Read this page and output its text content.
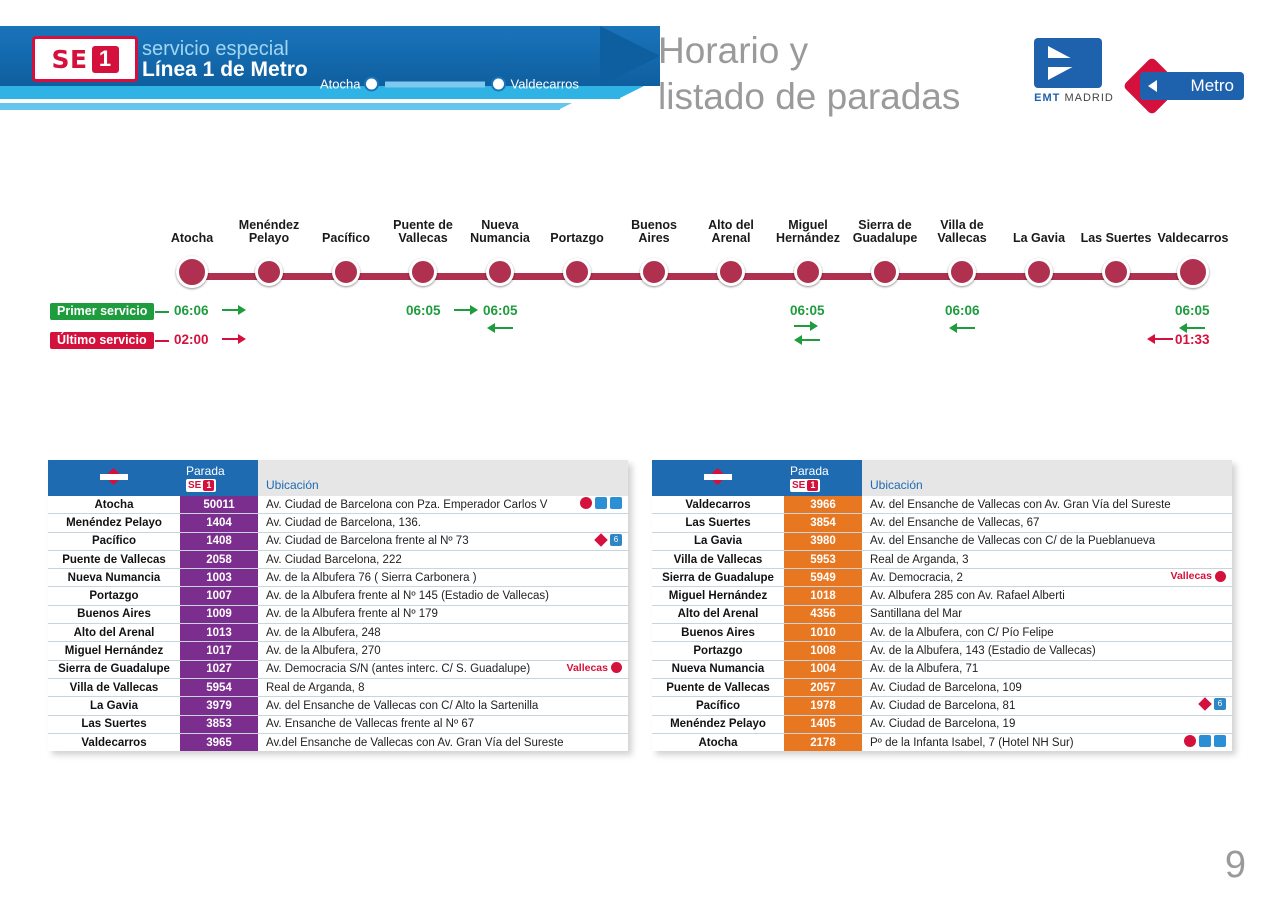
SE 1	servicio especial
Línea 1 de Metro
Atocha	Valdecarros
Horario y
listado de paradas	EMT MADRID
Metro
Atocha
Menéndez
Pelayo	Pacífico
Puente de
Vallecas
Nueva
Numancia Portazgo
Buenos
Aires
Alto del
Arenal
Miguel
Hernández
Sierra de
Guadalupe
Villa de
Vallecas La Gavia Las Suertes Valdecarros
Primer servicio
Último servicio
06:06	06:05	06:05	06:05	06:06	06:05
02:00	01:33

	Parada
SE 1	Ubicación
Atocha	50011	Av. Ciudad de Barcelona con Pza. Emperador Carlos V

Menéndez Pelayo	1404	Av. Ciudad de Barcelona, 136.
Pacífico	1408	Av. Ciudad de Barcelona frente al Nº 73 6

Puente de Vallecas	2058	Av. Ciudad Barcelona, 222
Nueva Numancia	1003	Av. de la Albufera 76 ( Sierra Carbonera )
Portazgo	1007	Av. de la Albufera frente al Nº 145 (Estadio de Vallecas)
Buenos Aires	1009	Av. de la Albufera frente al Nº 179
Alto del Arenal	1013	Av. de la Albufera, 248
Miguel Hernández	1017	Av. de la Albufera, 270
Sierra de Guadalupe	1027	Av. Democracia S/N (antes interc. C/ S. Guadalupe) Vallecas

Villa de Vallecas	5954	Real de Arganda, 8
La Gavia	3979	Av. del Ensanche de Vallecas con C/ Alto la Sartenilla
Las Suertes	3853	Av. Ensanche de Vallecas frente al Nº 67
Valdecarros	3965	Av.del Ensanche de Vallecas con Av. Gran Vía del Sureste

	Parada
SE 1	Ubicación
Valdecarros	3966	Av. del Ensanche de Vallecas con Av. Gran Vía del Sureste
Las Suertes	3854	Av. del Ensanche de Vallecas, 67
La Gavia	3980	Av. del Ensanche de Vallecas con C/ de la Pueblanueva
Villa de Vallecas	5953	Real de Arganda, 3
Sierra de Guadalupe	5949	Av. Democracia, 2 Vallecas

Miguel Hernández	1018	Av. Albufera 285 con Av. Rafael Alberti
Alto del Arenal	4356	Santillana del Mar
Buenos Aires	1010	Av. de la Albufera, con C/ Pío Felipe
Portazgo	1008	Av. de la Albufera, 143 (Estadio de Vallecas)
Nueva Numancia	1004	Av. de la Albufera, 71
Puente de Vallecas	2057	Av. Ciudad de Barcelona, 109
Pacífico	1978	Av. Ciudad de Barcelona, 81 6

Menéndez Pelayo	1405	Av. Ciudad de Barcelona, 19
Atocha	2178	Pº de la Infanta Isabel, 7 (Hotel NH Sur)
9
